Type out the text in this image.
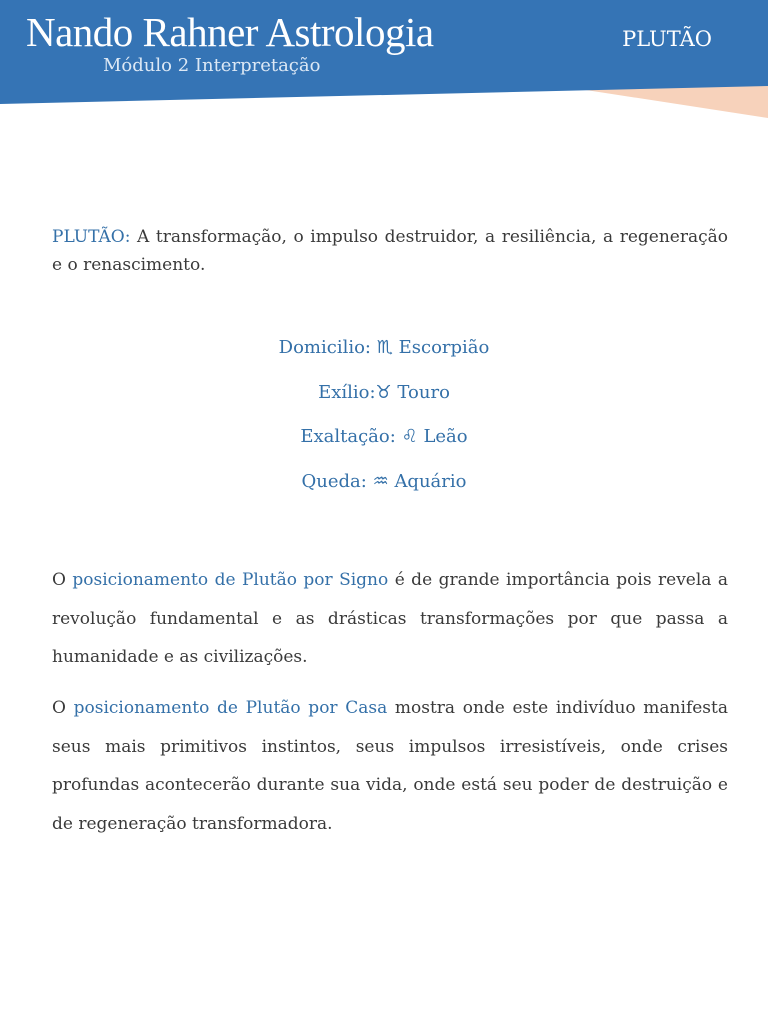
Nando Rahner Astrologia
Módulo 2 Interpretação
PLUTÃO
PLUTÃO: A transformação, o impulso destruidor, a resiliência, a regeneração e o renascimento.
Domicilio: ♏ Escorpião
Exílio:♉ Touro
Exaltação: ♌ Leão
Queda: ♒ Aquário
O posicionamento de Plutão por Signo é de grande importância pois revela a revolução fundamental e as drásticas transformações por que passa a humanidade e as civilizações.
O posicionamento de Plutão por Casa mostra onde este indivíduo manifesta seus mais primitivos instintos, seus impulsos irresistíveis, onde crises profundas acontecerão durante sua vida, onde está seu poder de destruição e de regeneração transformadora.
